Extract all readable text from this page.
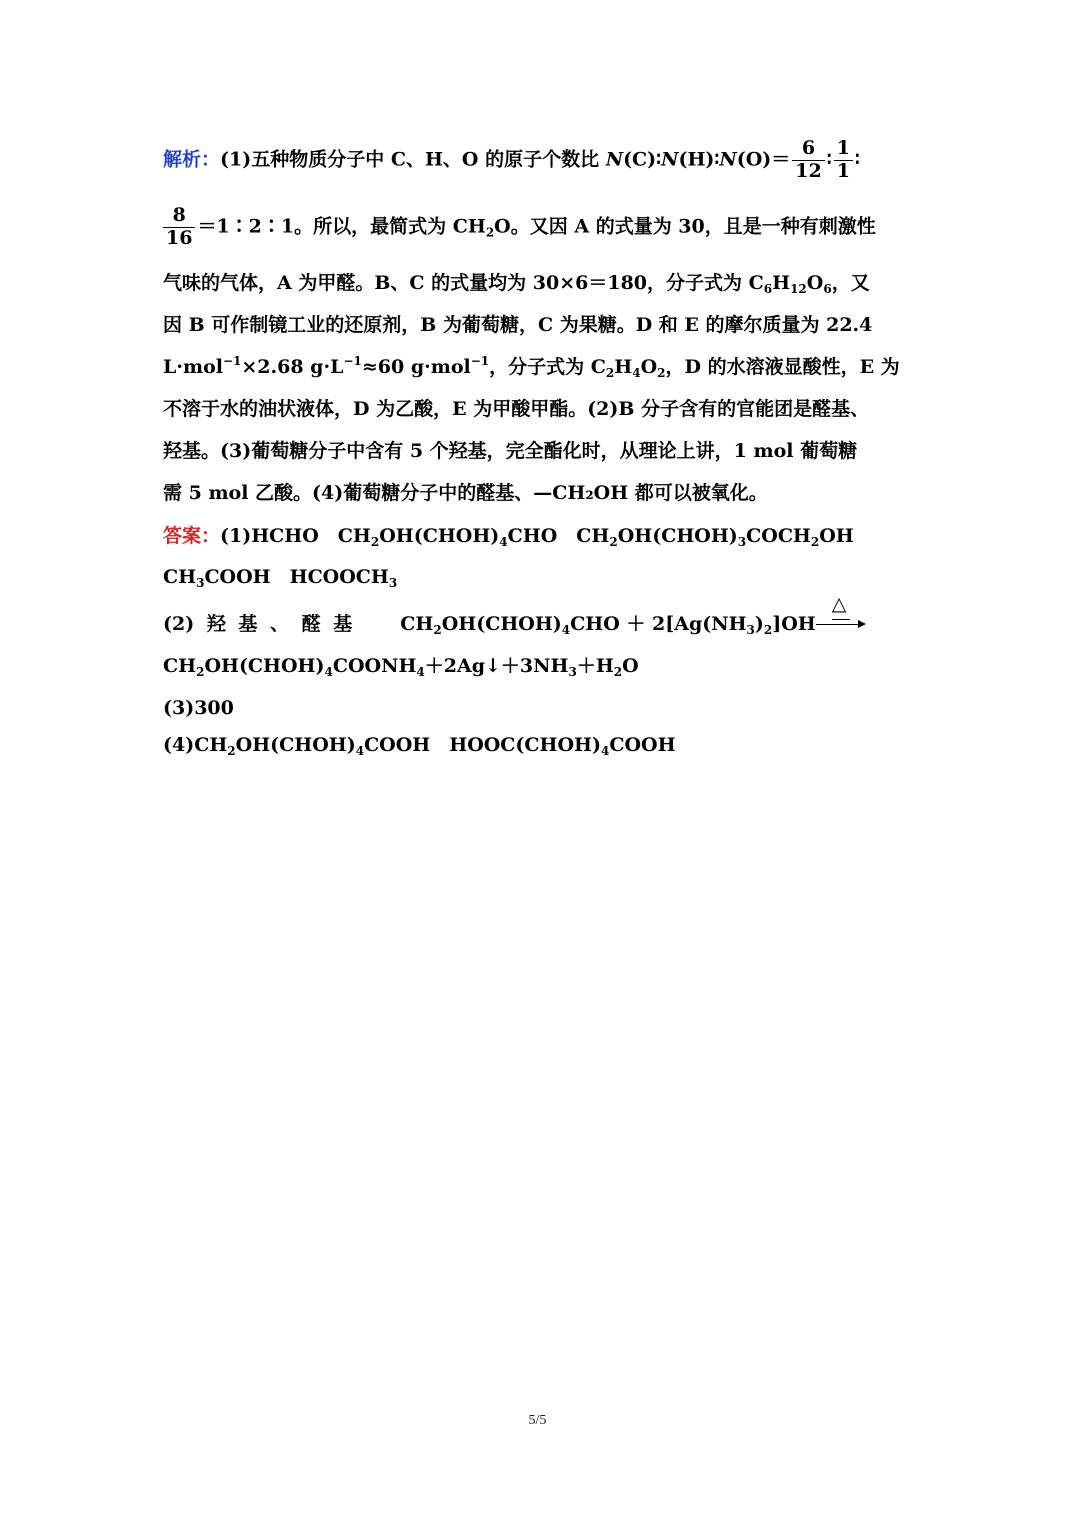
解析：(1)五种物质分子中 C、H、O 的原子个数比 N(C)∶N(H)∶N(O)＝ $\frac{6}{12}$ ∶ $\frac{1}{1}$ ∶
$\frac{8}{16}$ ＝1∶2∶1。所以，最简式为 $CH_2O$。又因 A 的式量为 30，且是一种有刺激性
气味的气体，A 为甲醛。B、C 的式量均为 30×6＝180，分子式为 $C_6H_{12}O_6$，又
因 B 可作制镜工业的还原剂，B 为葡萄糖，C 为果糖。D 和 E 的摩尔质量为 22.4
L·mol$^{-1}$×2.68 $g\cdot L^{-1}\approx 60$ g·mol$^{-1}$，分子式为 $C_2H_4O_2$，D 的水溶液显酸性，E 为
不溶于水的油状液体，D 为乙酸，E 为甲酸甲酯。(2)B 分子含有的官能团是醛基、
羟基。(3)葡萄糖分子中含有 5 个羟基，完全酯化时，从理论上讲，1 mol 葡萄糖
需 5 mol 乙酸。(4)葡萄糖分子中的醛基、—CH₂OH 都可以被氧化。
答案：(1)HCHO　$CH_2OH(CHOH)_4CHO$　$CH_2OH(CHOH)_3COCH_2OH$
$CH_3COOH$　$HCOOCH_3$
(2) 羟 基 、 醛 基	$CH_2OH(CHOH)_4CHO + 2[Ag(NH_3)_2]OH$
△
$CH_2OH(CHOH)_4COONH_4+2Ag↓+3NH_3+H_2O$
(3)300
$(4)CH_2OH(CHOH)_4COOH$　$HOOC(CHOH)_4COOH$
5/5
